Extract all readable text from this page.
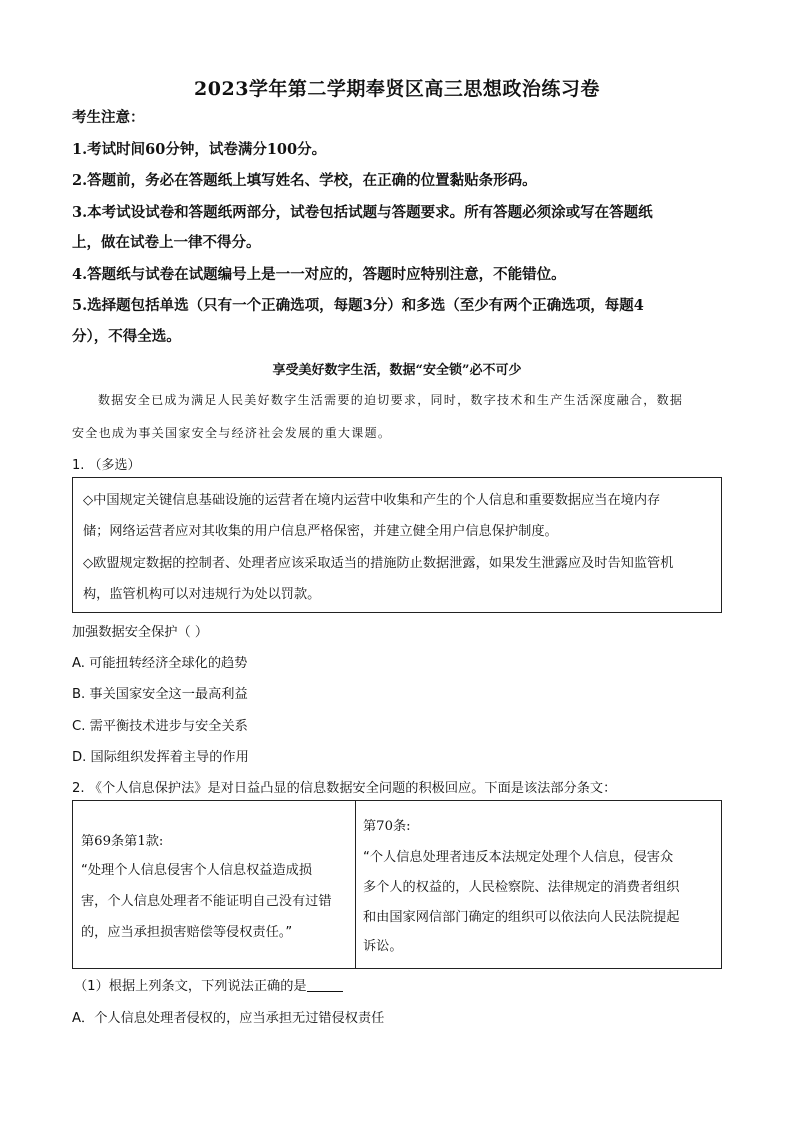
2023学年第二学期奉贤区高三思想政治练习卷
考生注意：
1.考试时间60分钟，试卷满分100分。
2.答题前，务必在答题纸上填写姓名、学校，在正确的位置黏贴条形码。
3.本考试设试卷和答题纸两部分，试卷包括试题与答题要求。所有答题必须涂或写在答题纸
上，做在试卷上一律不得分。
4.答题纸与试卷在试题编号上是一一对应的，答题时应特别注意，不能错位。
5.选择题包括单选（只有一个正确选项，每题3分）和多选（至少有两个正确选项，每题4
分），不得全选。
享受美好数字生活，数据“安全锁”必不可少
数据安全已成为满足人民美好数字生活需要的迫切要求，同时，数字技术和生产生活深度融合，数据
安全也成为事关国家安全与经济社会发展的重大课题。
1. （多选）
◇中国规定关键信息基础设施的运营者在境内运营中收集和产生的个人信息和重要数据应当在境内存
储；网络运营者应对其收集的用户信息严格保密，并建立健全用户信息保护制度。
◇欧盟规定数据的控制者、处理者应该采取适当的措施防止数据泄露，如果发生泄露应及时告知监管机
构，监管机构可以对违规行为处以罚款。
加强数据安全保护（ ）
A. 可能扭转经济全球化的趋势
B. 事关国家安全这一最高利益
C. 需平衡技术进步与安全关系
D. 国际组织发挥着主导的作用
2. 《个人信息保护法》是对日益凸显的信息数据安全问题的积极回应。下面是该法部分条文：
第69条第1款:
“处理个人信息侵害个人信息权益造成损
害，个人信息处理者不能证明自己没有过错
的，应当承担损害赔偿等侵权责任。”
第70条:
“个人信息处理者违反本法规定处理个人信息，侵害众
多个人的权益的，人民检察院、法律规定的消费者组织
和由国家网信部门确定的组织可以依法向人民法院提起
诉讼。
（1）根据上列条文，下列说法正确的是
A．个人信息处理者侵权的，应当承担无过错侵权责任
